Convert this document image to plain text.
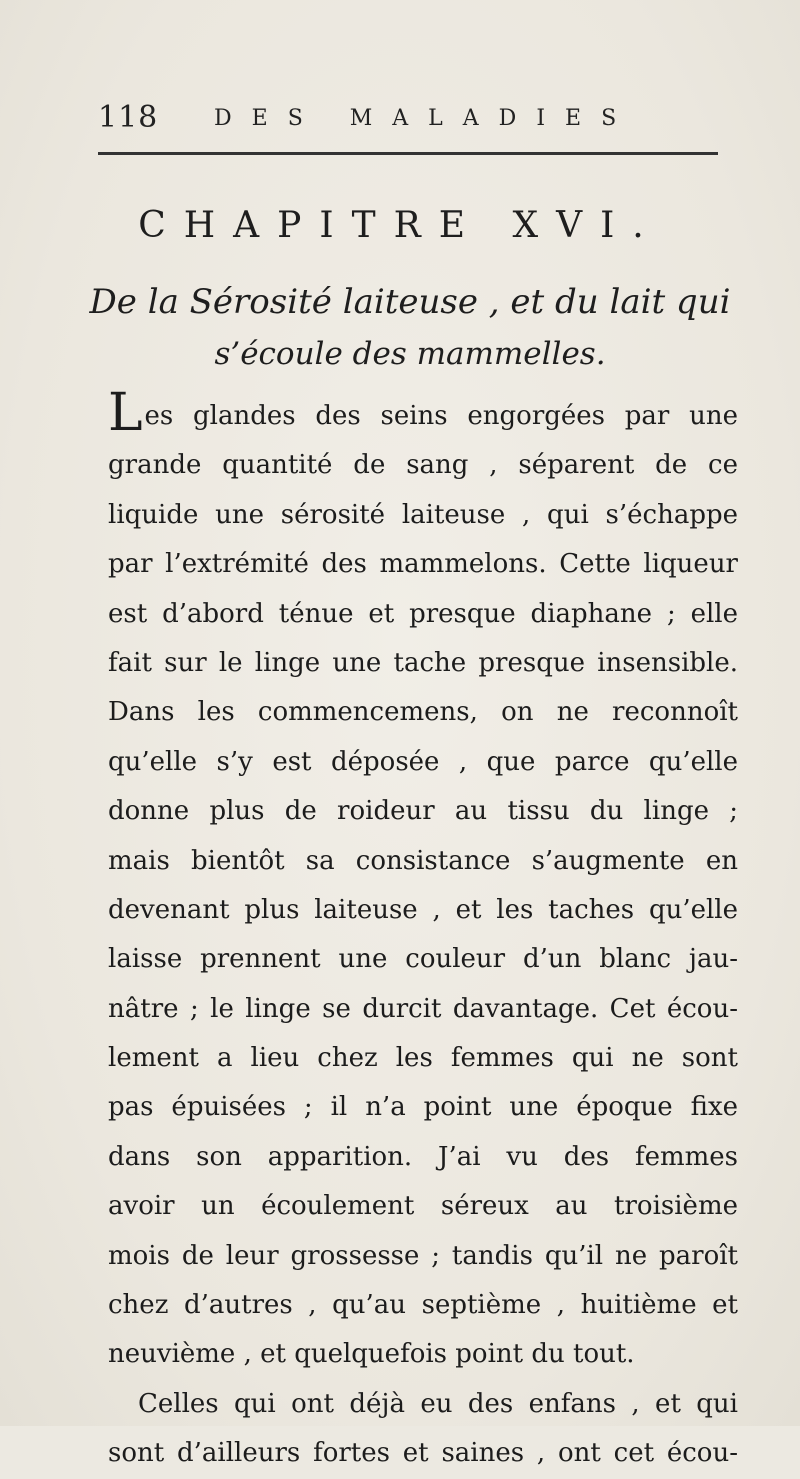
118	DES MALADIES
CHAPITRE XVI.
De la Sérosité laiteuse , et du lait qui
s’écoule des mammelles.
Les glandes des seins engorgées par une
grande quantité de sang , séparent de ce
liquide une sérosité laiteuse , qui s’échappe
par l’extrémité des mammelons. Cette liqueur
est d’abord ténue et presque diaphane ; elle
fait sur le linge une tache presque insensible.
Dans les commencemens, on ne reconnoît
qu’elle s’y est déposée , que parce qu’elle
donne plus de roideur au tissu du linge ;
mais bientôt sa consistance s’augmente en
devenant plus laiteuse , et les taches qu’elle
laisse prennent une couleur d’un blanc jau-
nâtre ; le linge se durcit davantage. Cet écou-
lement a lieu chez les femmes qui ne sont
pas épuisées ; il n’a point une époque fixe
dans son apparition. J’ai vu des femmes
avoir un écoulement séreux au troisième
mois de leur grossesse ; tandis qu’il ne paroît
chez d’autres , qu’au septième , huitième et
neuvième , et quelquefois point du tout.
Celles qui ont déjà eu des enfans , et qui
sont d’ailleurs fortes et saines , ont cet écou-
